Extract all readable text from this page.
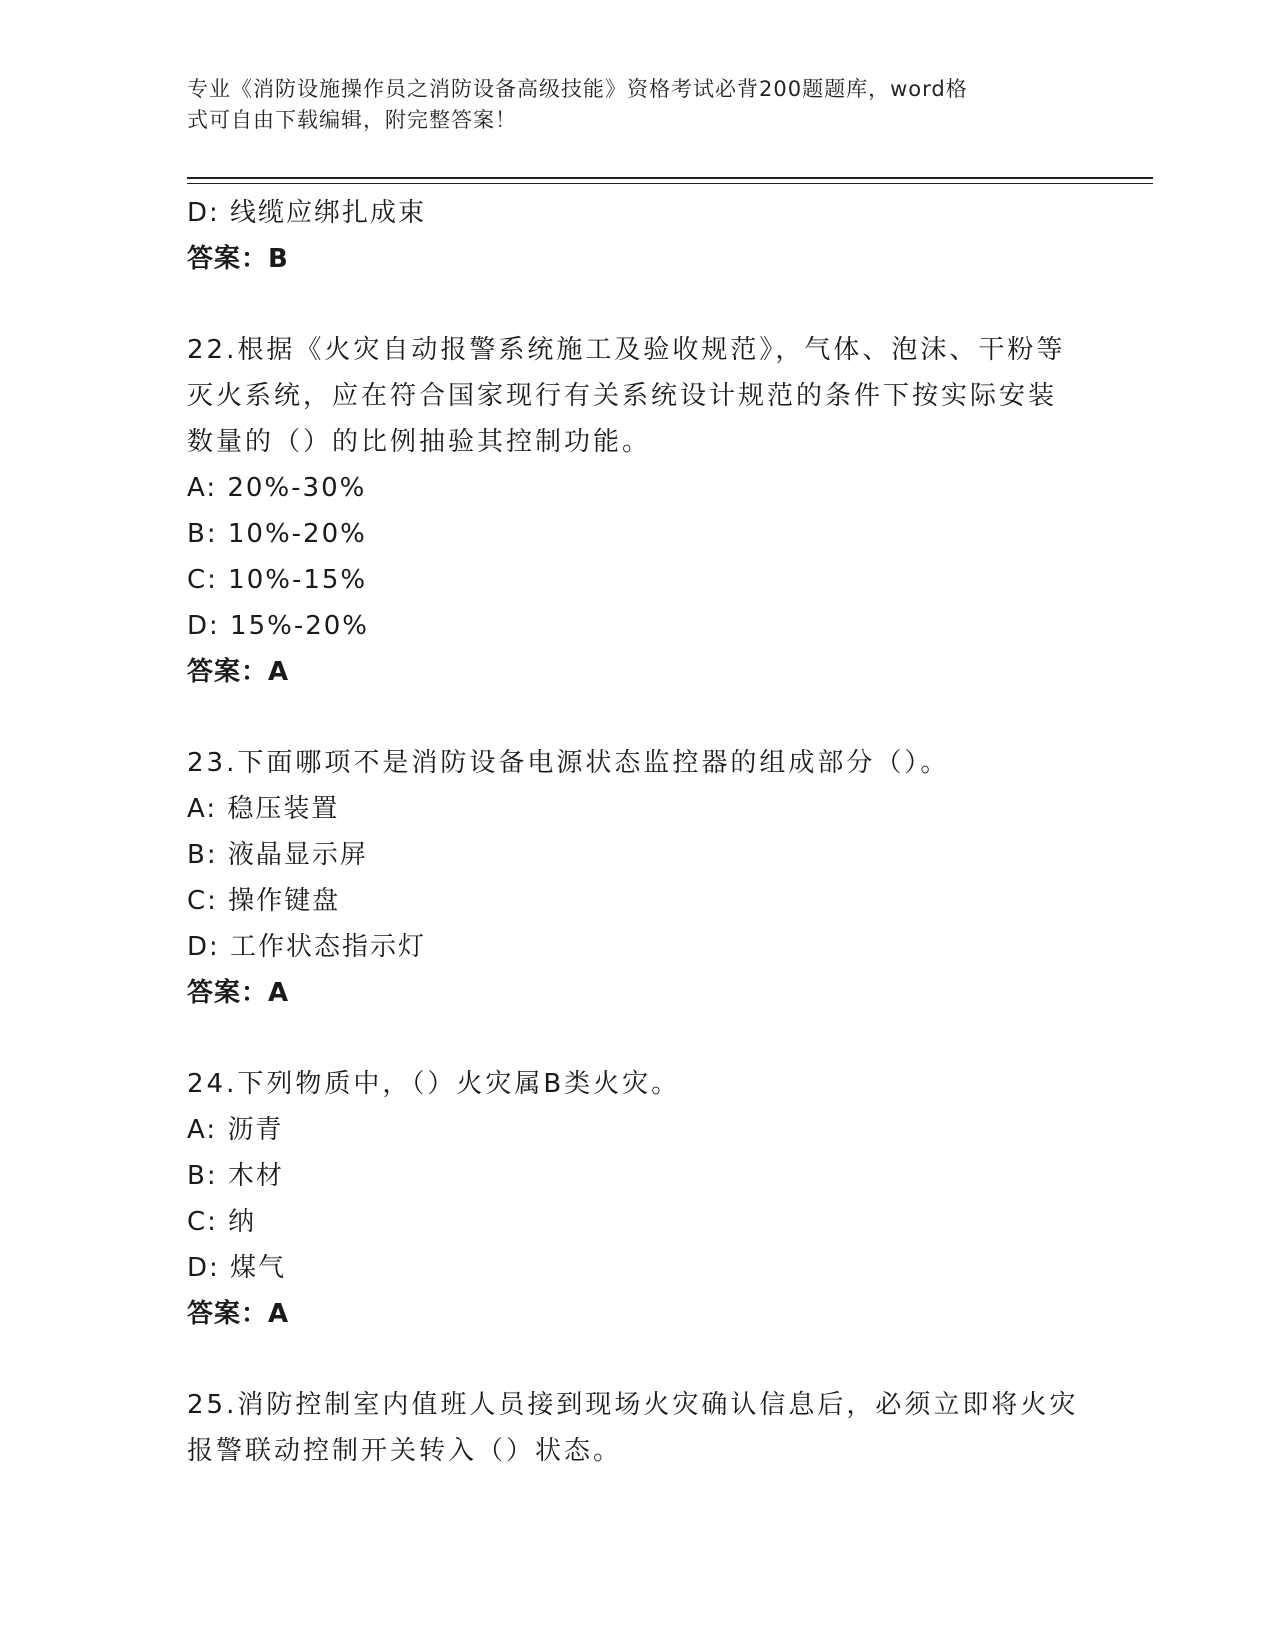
专业《消防设施操作员之消防设备高级技能》资格考试必背200题题库，word格
式可自由下载编辑，附完整答案！
D: 线缆应绑扎成束
答案：B
22.根据《火灾自动报警系统施工及验收规范》，气体、泡沫、干粉等
灭火系统，应在符合国家现行有关系统设计规范的条件下按实际安装
数量的（）的比例抽验其控制功能。
A: 20%-30%
B: 10%-20%
C: 10%-15%
D: 15%-20%
答案：A
23.下面哪项不是消防设备电源状态监控器的组成部分（）。
A: 稳压装置
B: 液晶显示屏
C: 操作键盘
D: 工作状态指示灯
答案：A
24.下列物质中，（）火灾属B类火灾。
A: 沥青
B: 木材
C: 纳
D: 煤气
答案：A
25.消防控制室内值班人员接到现场火灾确认信息后，必须立即将火灾
报警联动控制开关转入（）状态。
